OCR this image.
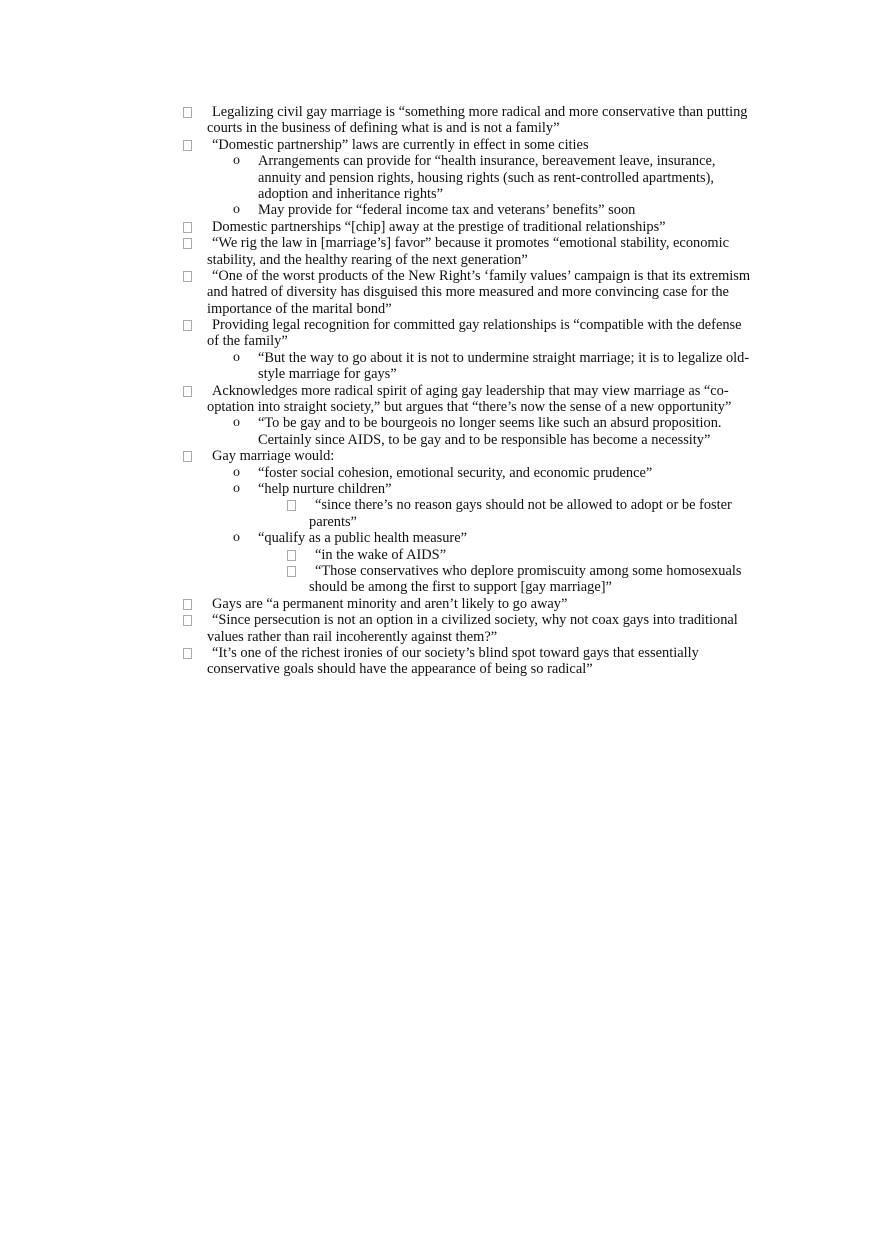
Legalizing civil gay marriage is “something more radical and more conservative than putting
courts in the business of defining what is and is not a family”
“Domestic partnership” laws are currently in effect in some cities
o Arrangements can provide for “health insurance, bereavement leave, insurance,
annuity and pension rights, housing rights (such as rent-controlled apartments),
adoption and inheritance rights”
o May provide for “federal income tax and veterans’ benefits” soon
Domestic partnerships “[chip] away at the prestige of traditional relationships”
“We rig the law in [marriage’s] favor” because it promotes “emotional stability, economic
stability, and the healthy rearing of the next generation”
“One of the worst products of the New Right’s ‘family values’ campaign is that its extremism
and hatred of diversity has disguised this more measured and more convincing case for the
importance of the marital bond”
Providing legal recognition for committed gay relationships is “compatible with the defense
of the family”
o “But the way to go about it is not to undermine straight marriage; it is to legalize old-
style marriage for gays”
Acknowledges more radical spirit of aging gay leadership that may view marriage as “co-
optation into straight society,” but argues that “there’s now the sense of a new opportunity”
o “To be gay and to be bourgeois no longer seems like such an absurd proposition.
Certainly since AIDS, to be gay and to be responsible has become a necessity”
Gay marriage would:
o “foster social cohesion, emotional security, and economic prudence”
o “help nurture children”
“since there’s no reason gays should not be allowed to adopt or be foster
parents”
o “qualify as a public health measure”
“in the wake of AIDS”
“Those conservatives who deplore promiscuity among some homosexuals
should be among the first to support [gay marriage]”
Gays are “a permanent minority and aren’t likely to go away”
“Since persecution is not an option in a civilized society, why not coax gays into traditional
values rather than rail incoherently against them?”
“It’s one of the richest ironies of our society’s blind spot toward gays that essentially
conservative goals should have the appearance of being so radical”
